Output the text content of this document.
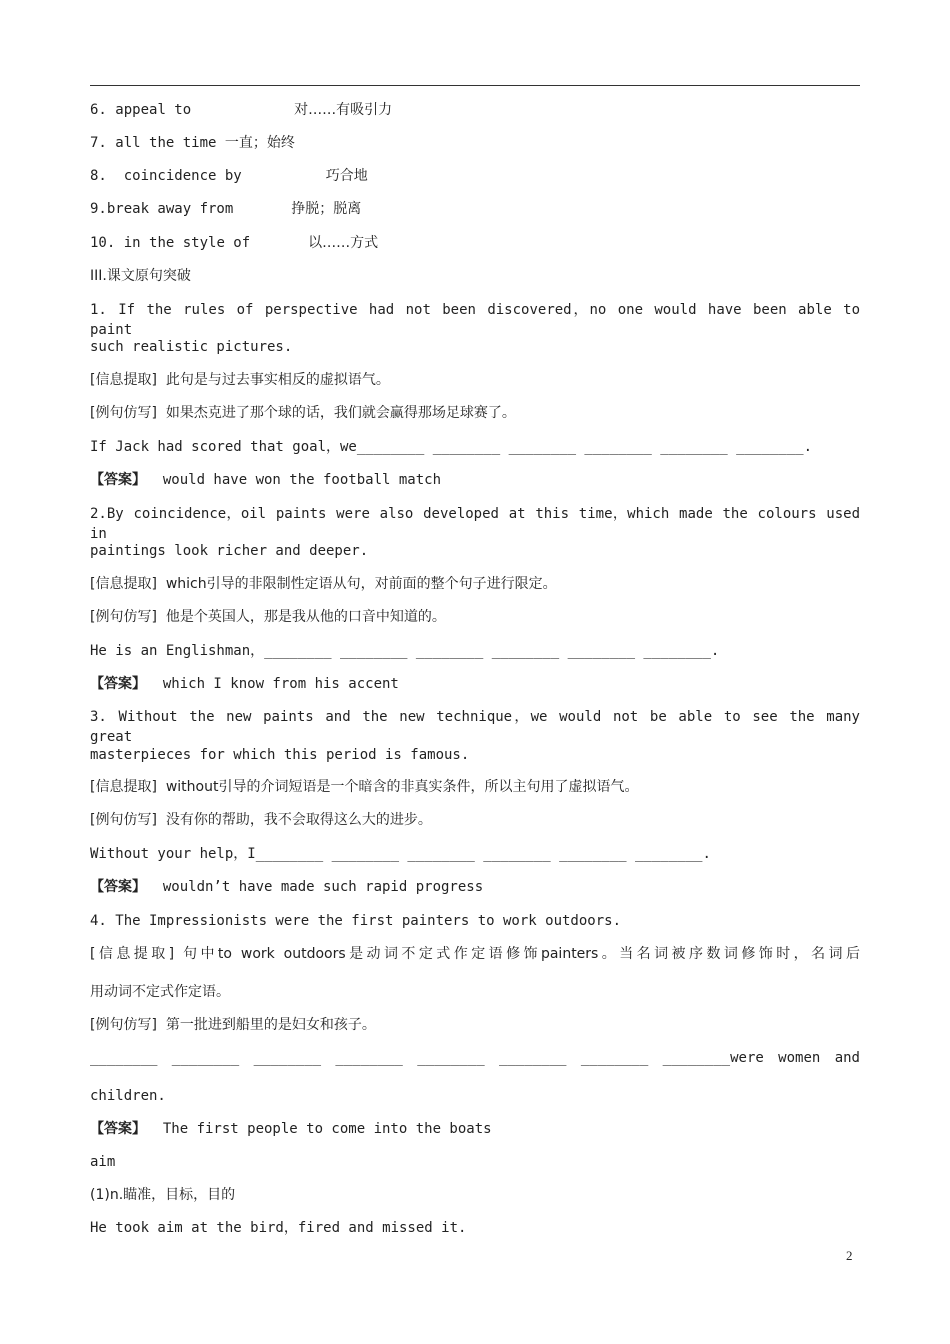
6. appeal to	对……有吸引力
7. all the time 一直；始终
8. coincidence by	巧合地
9.break away from	挣脱；脱离
10. in the style of	以……方式
III.课文原句突破
1. If the rules of perspective had not been discovered，no one would have been able to paint
such realistic pictures.
[信息提取] 此句是与过去事实相反的虚拟语气。
[例句仿写] 如果杰克进了那个球的话，我们就会赢得那场足球赛了。
If Jack had scored that goal，we________ ________ ________ ________ ________ ________.
【答案】 would have won the football match
2.By coincidence，oil paints were also developed at this time，which made the colours used in
paintings look richer and deeper.
[信息提取] which引导的非限制性定语从句，对前面的整个句子进行限定。
[例句仿写] 他是个英国人，那是我从他的口音中知道的。
He is an Englishman，________ ________ ________ ________ ________ ________.
【答案】 which I know from his accent
3. Without the new paints and the new technique，we would not be able to see the many great
masterpieces for which this period is famous.
[信息提取] without引导的介词短语是一个暗含的非真实条件，所以主句用了虚拟语气。
[例句仿写] 没有你的帮助，我不会取得这么大的进步。
Without your help，I________ ________ ________ ________ ________ ________.
【答案】 wouldn’t have made such rapid progress
4. The Impressionists were the first painters to work outdoors.
[信息提取] 句中to work outdoors是动词不定式作定语修饰painters。当名词被序数词修饰时，名词后
用动词不定式作定语。
[例句仿写] 第一批进到船里的是妇女和孩子。
________ ________ ________ ________ ________ ________ ________ ________were women and
children.
【答案】 The first people to come into the boats
aim
(1)n.瞄准，目标，目的
He took aim at the bird，fired and missed it.
2
